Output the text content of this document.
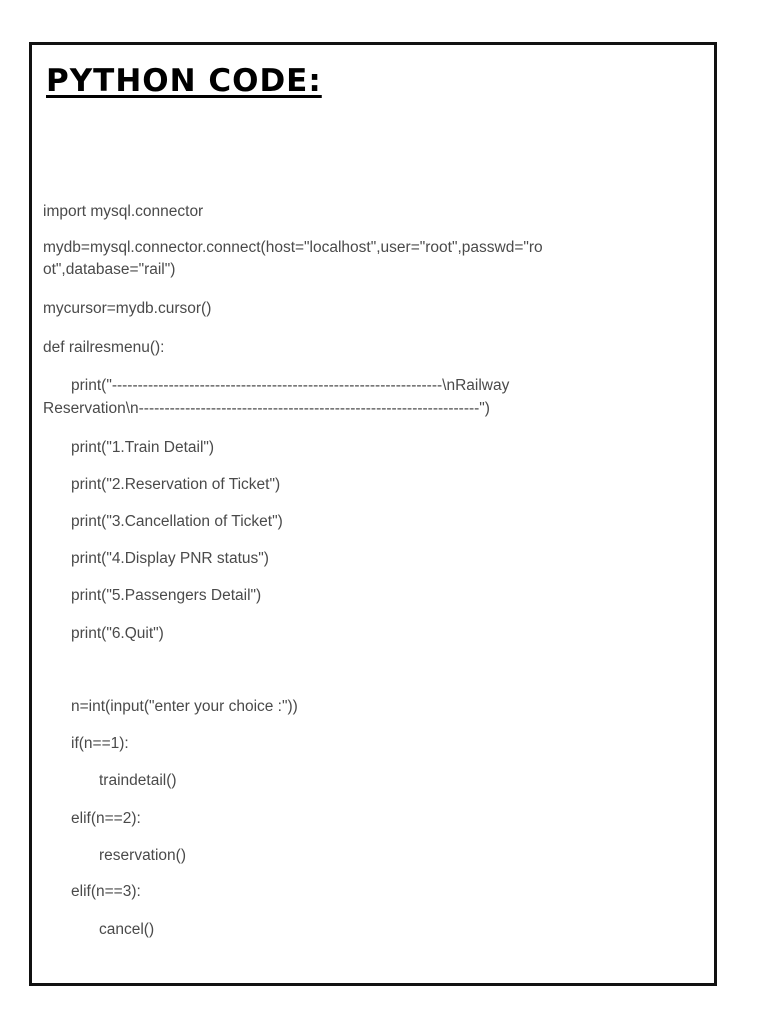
PYTHON CODE:
import mysql.connector
mydb=mysql.connector.connect(host="localhost",user="root",passwd="ro
ot",database="rail")
mycursor=mydb.cursor()
def railresmenu():
print("----------------------------------------------------------------\nRailway
Reservation\n------------------------------------------------------------------")
print("1.Train Detail")
print("2.Reservation of Ticket")
print("3.Cancellation of Ticket")
print("4.Display PNR status")
print("5.Passengers Detail")
print("6.Quit")
n=int(input("enter your choice :"))
if(n==1):
traindetail()
elif(n==2):
reservation()
elif(n==3):
cancel()
